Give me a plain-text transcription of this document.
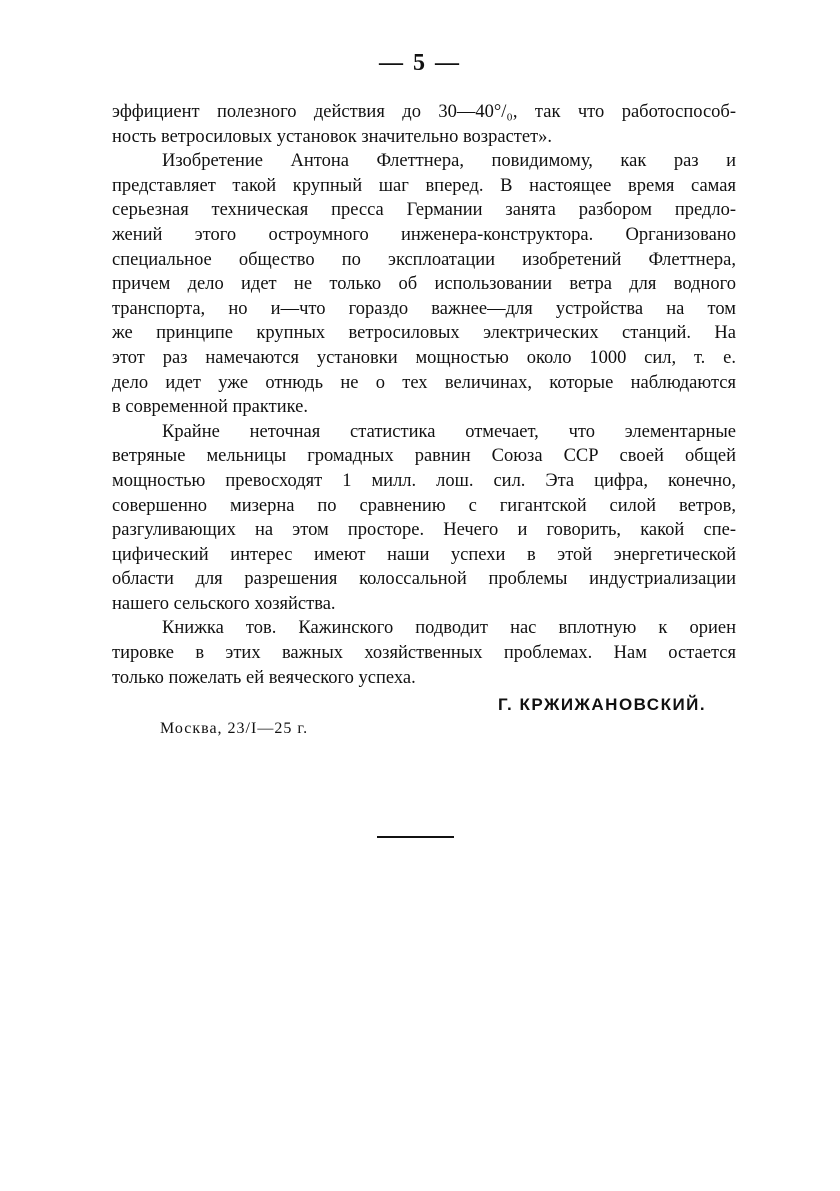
— 5 —

эффициент полезного действия до 30—40°/₀, так что работоспособ-
ность ветросиловых установок значительно возрастет».

Изобретение Антона Флеттнера, повидимому, как раз и
представляет такой крупный шаг вперед. В настоящее время самая
серьезная техническая пресса Германии занята разбором предло-
жений этого остроумного инженера-конструктора. Организовано
специальное общество по эксплоатации изобретений Флеттнера,
причем дело идет не только об использовании ветра для водного
транспорта, но и—что гораздо важнее—для устройства на том
же принципе крупных ветросиловых электрических станций. На
этот раз намечаются установки мощностью около 1000 сил, т. е.
дело идет уже отнюдь не о тех величинах, которые наблюдаются
в современной практике.

Крайне неточная статистика отмечает, что элементарные
ветряные мельницы громадных равнин Союза ССР своей общей
мощностью превосходят 1 милл. лош. сил. Эта цифра, конечно,
совершенно мизерна по сравнению с гигантской силой ветров,
разгуливающих на этом просторе. Нечего и говорить, какой спе-
цифический интерес имеют наши успехи в этой энергетической
области для разрешения колоссальной проблемы индустриализации
нашего сельского хозяйства.

Книжка тов. Кажинского подводит нас вплотную к ориен
тировке в этих важных хозяйственных проблемах. Нам остается
только пожелать ей веяческого успеха.

Г. КРЖИЖАНОВСКИЙ.
Москва, 23/I—25 г.
